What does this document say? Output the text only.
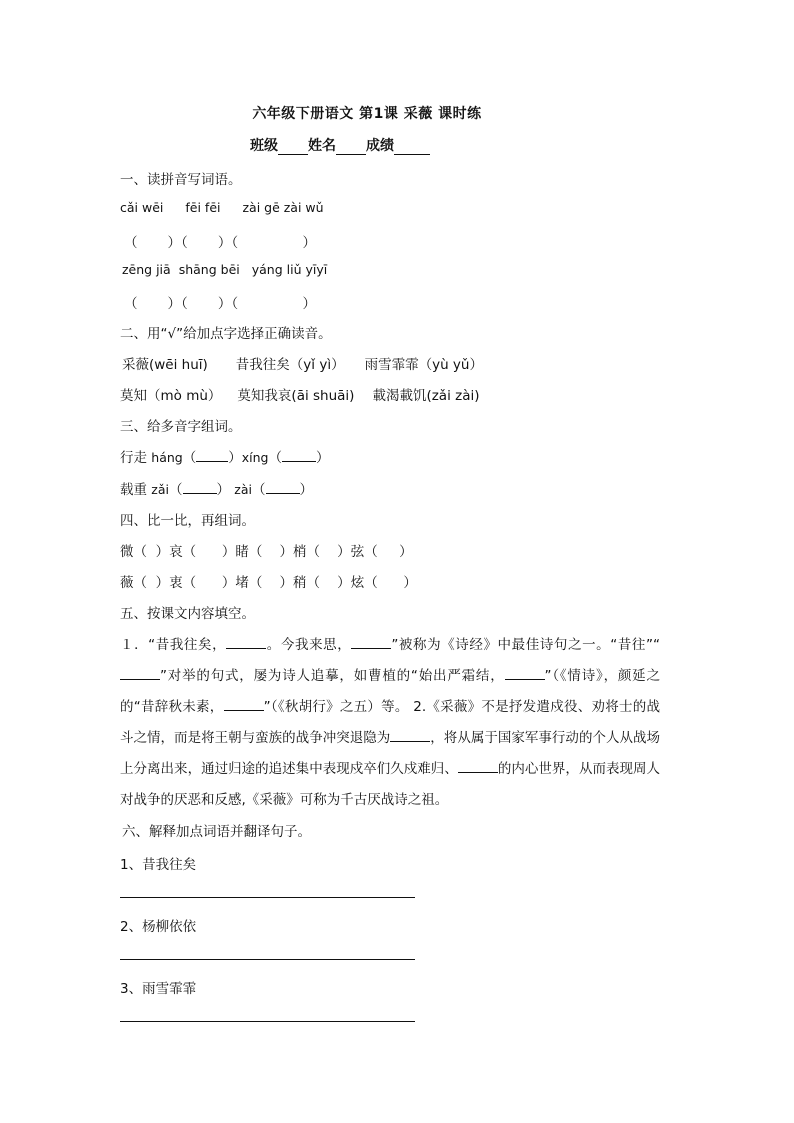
六年级下册语文 第1课 采薇 课时练
班级 姓名 成绩
一、读拼音写词语。
cǎi wēi fēi fēi zài gē zài wǔ
（       ）（       ）（               ）
zēng jiā shāng bēi yáng liǔ yīyī
（       ）（       ）（               ）
二、用“√”给加点字选择正确读音。
采薇(wēi huī) 昔我往矣（yǐ yì） 雨雪霏霏（yù yǔ）
莫知（mò mù） 莫知我哀(āi shuāi) 載渴載饥(zǎi zài)
三、给多音字组词。
行走 háng（ ）xíng（	）
载重 zǎi（	） zài（	）
四、比一比，再组词。
微（  ）哀（      ）睹（    ）梢（    ）弦（     ）
薇（  ）衷（      ）堵（    ）稍（    ）炫（      ）
五、按课文内容填空。
１．“昔我往矣，	。今我来思，	”被称为《诗经》中最佳诗句之一。“昔往”“”对举的句式，屡为诗人追摹，如曹植的“始出严霜结，	”（《情诗》，颜延之的“昔辞秋未素，	”（《秋胡行》之五）等。 2.《采薇》不是抒发遣戍役、劝将士的战斗之情，而是将王朝与蛮族的战争冲突退隐为	，将从属于国家军事行动的个人从战场上分离出来，通过归途的追述集中表现戍卒们久戍难归、	的内心世界，从而表现周人对战争的厌恶和反感,《采薇》可称为千古厌战诗之祖。
六、解释加点词语并翻译句子。
1、昔我往矣
2、杨柳依依
3、雨雪霏霏
